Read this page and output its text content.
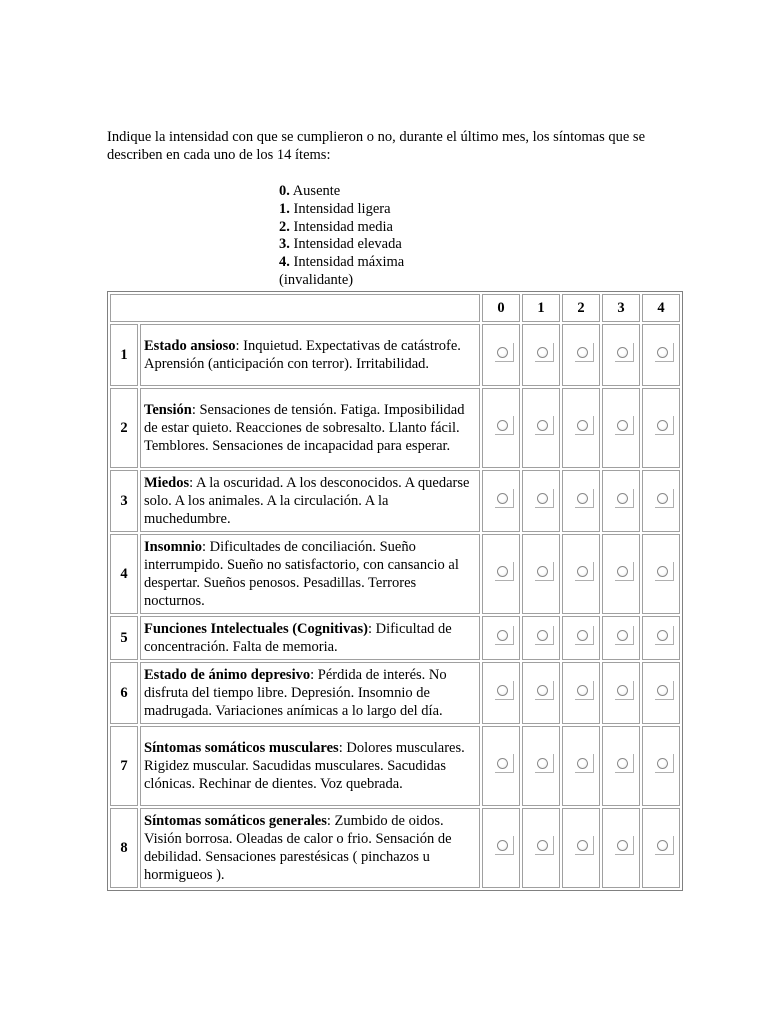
Indique la intensidad con que se cumplieron o no, durante el último mes, los síntomas que se describen en cada uno de los 14 ítems:
0. Ausente
1. Intensidad ligera
2. Intensidad media
3. Intensidad elevada
4. Intensidad máxima (invalidante)
		0	1	2	3	4
1	Estado ansioso: Inquietud. Expectativas de catástrofe. Aprensión (anticipación con terror). Irritabilidad.					
2	Tensión: Sensaciones de tensión. Fatiga. Imposibilidad de estar quieto. Reacciones de sobresalto. Llanto fácil. Temblores. Sensaciones de incapacidad para esperar.					
3	Miedos: A la oscuridad. A los desconocidos. A quedarse solo. A los animales. A la circulación. A la muchedumbre.					
4	Insomnio: Dificultades de conciliación. Sueño interrumpido. Sueño no satisfactorio, con cansancio al despertar. Sueños penosos. Pesadillas. Terrores nocturnos.					
5	Funciones Intelectuales (Cognitivas): Dificultad de concentración. Falta de memoria.					
6	Estado de ánimo depresivo: Pérdida de interés. No disfruta del tiempo libre. Depresión. Insomnio de madrugada. Variaciones anímicas a lo largo del día.					
7	Síntomas somáticos musculares: Dolores musculares. Rigidez muscular. Sacudidas musculares. Sacudidas clónicas. Rechinar de dientes. Voz quebrada.					
8	Síntomas somáticos generales: Zumbido de oidos. Visión borrosa. Oleadas de calor o frio. Sensación de debilidad. Sensaciones parestésicas ( pinchazos u hormigueos ).					
